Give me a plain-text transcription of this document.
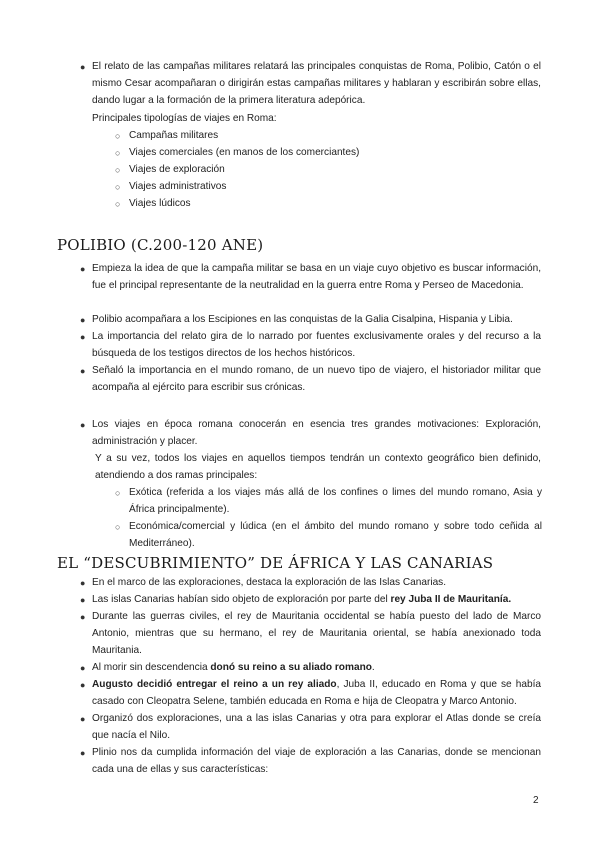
● El relato de las campañas militares relatará las principales conquistas de Roma, Polibio, Catón o el mismo Cesar acompañaran o dirigirán estas campañas militares y hablaran y escribirán sobre ellas, dando lugar a la formación de la primera literatura adepórica.
Principales tipologías de viajes en Roma:
○ Campañas militares
○ Viajes comerciales (en manos de los comerciantes)
○ Viajes de exploración
○ Viajes administrativos
○ Viajes lúdicos
POLIBIO (C.200-120 ANE)
● Empieza la idea de que la campaña militar se basa en un viaje cuyo objetivo es buscar información, fue el principal representante de la neutralidad en la guerra entre Roma y Perseo de Macedonia.
● Polibio acompañara a los Escipiones en las conquistas de la Galia Cisalpina, Hispania y Libia.
● La importancia del relato gira de lo narrado por fuentes exclusivamente orales y del recurso a la búsqueda de los testigos directos de los hechos históricos.
● Señaló la importancia en el mundo romano, de un nuevo tipo de viajero, el historiador militar que acompaña al ejército para escribir sus crónicas.
● Los viajes en época romana conocerán en esencia tres grandes motivaciones: Exploración, administración y placer.
Y a su vez, todos los viajes en aquellos tiempos tendrán un contexto geográfico bien definido, atendiendo a dos ramas principales:
○ Exótica (referida a los viajes más allá de los confines o limes del mundo romano, Asia y África principalmente).
○ Económica/comercial y lúdica (en el ámbito del mundo romano y sobre todo ceñida al Mediterráneo).
EL “DESCUBRIMIENTO” DE ÁFRICA Y LAS CANARIAS
● En el marco de las exploraciones, destaca la exploración de las Islas Canarias.
● Las islas Canarias habían sido objeto de exploración por parte del rey Juba II de Mauritanía.
● Durante las guerras civiles, el rey de Mauritania occidental se había puesto del lado de Marco Antonio, mientras que su hermano, el rey de Mauritania oriental, se había anexionado toda Mauritania.
● Al morir sin descendencia donó su reino a su aliado romano.
● Augusto decidió entregar el reino a un rey aliado, Juba II, educado en Roma y que se había casado con Cleopatra Selene, también educada en Roma e hija de Cleopatra y Marco Antonio.
● Organizó dos exploraciones, una a las islas Canarias y otra para explorar el Atlas donde se creía que nacía el Nilo.
● Plinio nos da cumplida información del viaje de exploración a las Canarias, donde se mencionan cada una de ellas y sus características:
2
